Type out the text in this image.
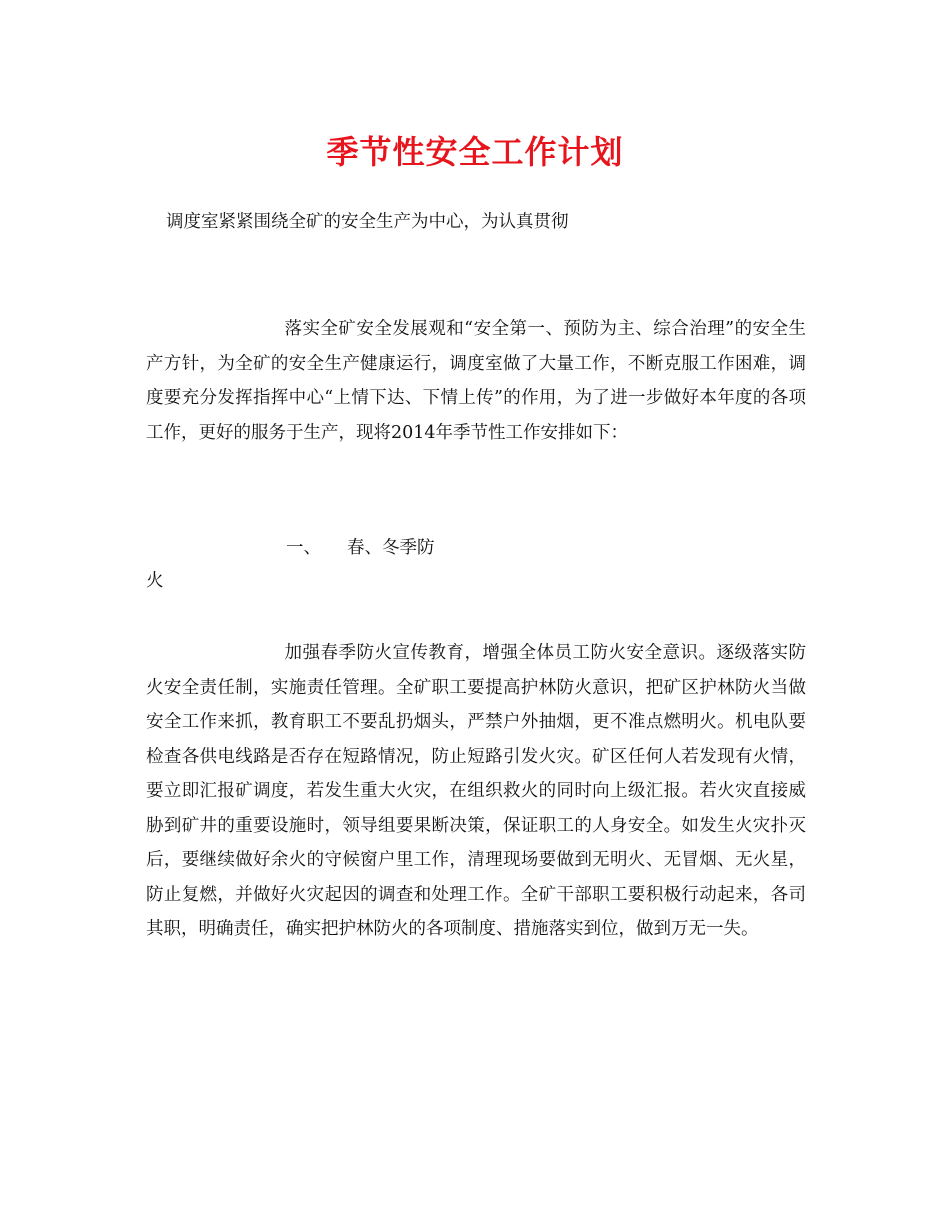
季节性安全工作计划
调度室紧紧围绕全矿的安全生产为中心，为认真贯彻
落实全矿安全发展观和“安全第一、预防为主、综合治理”的安全生产方针，为全矿的安全生产健康运行，调度室做了大量工作，不断克服工作困难，调度要充分发挥指挥中心“上情下达、下情上传”的作用，为了进一步做好本年度的各项工作，更好的服务于生产，现将2014年季节性工作安排如下：
一、 春、冬季防
火
加强春季防火宣传教育，增强全体员工防火安全意识。逐级落实防火安全责任制，实施责任管理。全矿职工要提高护林防火意识，把矿区护林防火当做安全工作来抓，教育职工不要乱扔烟头，严禁户外抽烟，更不准点燃明火。机电队要检查各供电线路是否存在短路情况，防止短路引发火灾。矿区任何人若发现有火情，要立即汇报矿调度，若发生重大火灾，在组织救火的同时向上级汇报。若火灾直接威胁到矿井的重要设施时，领导组要果断决策，保证职工的人身安全。如发生火灾扑灭后，要继续做好余火的守候窗户里工作，清理现场要做到无明火、无冒烟、无火星，防止复燃，并做好火灾起因的调查和处理工作。全矿干部职工要积极行动起来，各司其职，明确责任，确实把护林防火的各项制度、措施落实到位，做到万无一失。
